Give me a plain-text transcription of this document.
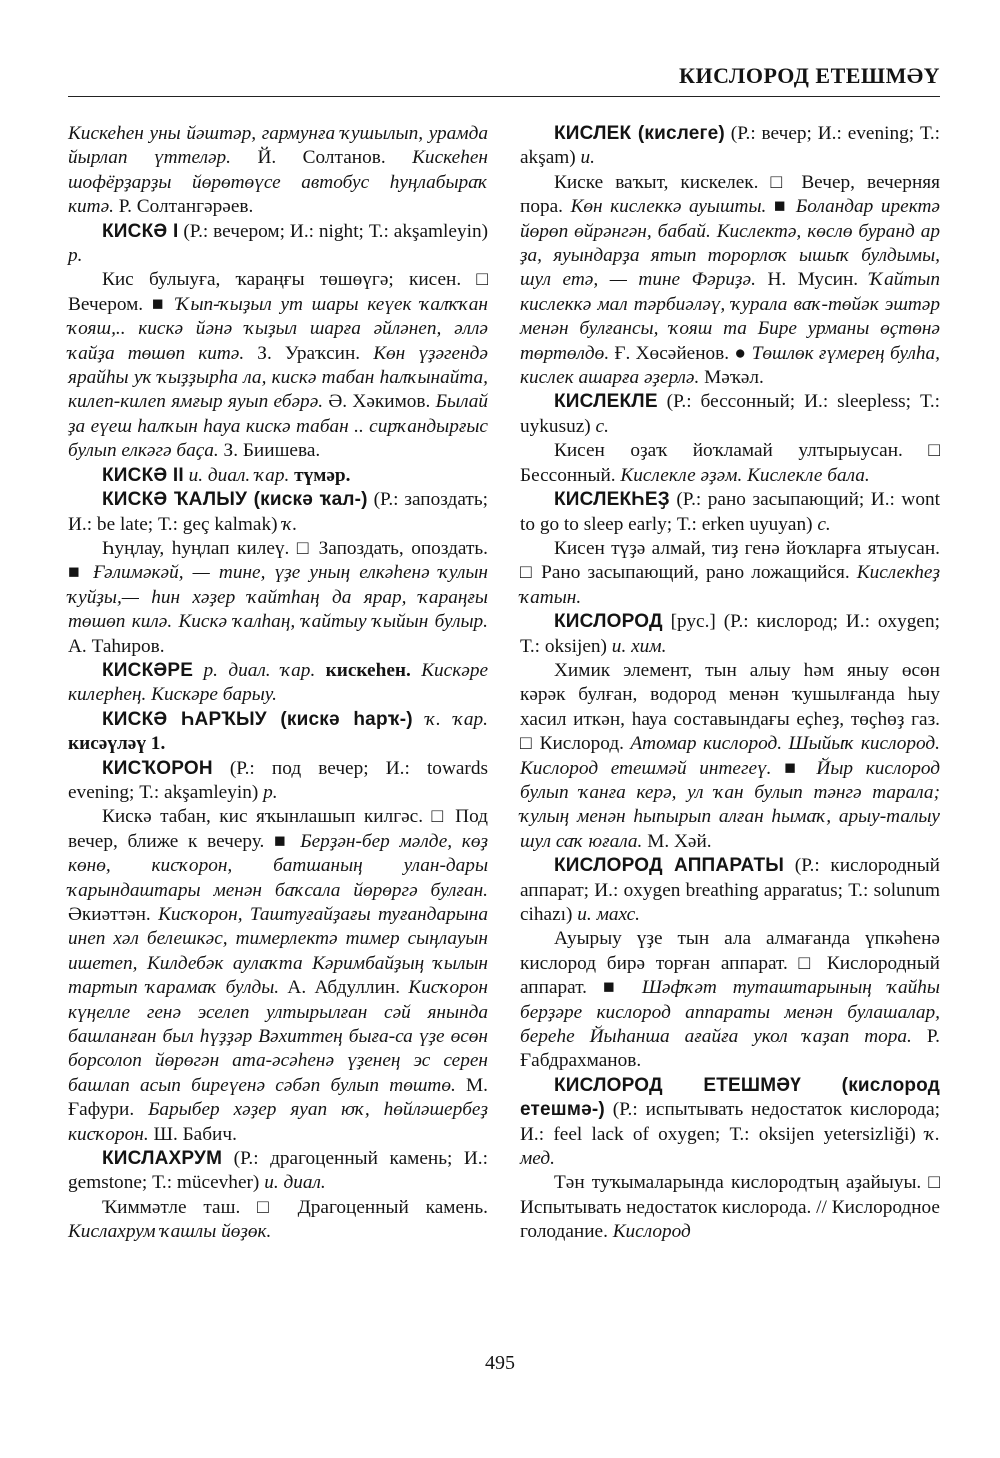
КИСЛОРОД ЕТЕШМӘҮ

Кискеһен уны йәштәр, гармунға ҡушылып, урамда йырлап үттеләр. Й. Солтанов. Кискеһен шофёрҙарҙы йөрөтөүсе автобус һуңлабыраҡ китә. Р. Солтангәрәев.

КИСКӘ I (Р.: вечером; И.: night; Т.: akşamleyin) р.

Кис булыуға, ҡараңғы төшөүгә; кисен. □ Вечером. ■ Ҡып-ҡыҙыл ут шары кеүек ҡалҡҡан ҡояш,.. кискә йәнә ҡыҙыл шарға әйләнеп, әллә ҡайҙа төшөп китә. З. Ураҡсин. Көн үҙәгендә ярайһы уҡ ҡыҙҙырһа ла, кискә табан һалҡынайта, килеп-килеп ямғыр яуып ебәрә. Ә. Хәкимов. Былай ҙа еүеш һалҡын һауа кискә табан .. сирҡандырғыс булып елкәгә баҫа. З. Биишева.

КИСКӘ II и. диал. ҡар. түмәр.

КИСКӘ ҠАЛЫУ (кискә ҡал-) (Р.: запоздать; И.: be late; Т.: geç kalmak) ҡ.

Һуңлау, һуңлап килеү. □ Запоздать, опоздать. ■ Ғәлимәкәй, — тине, үҙе уның елкәһенә ҡулын ҡуйҙы,— һин хәҙер ҡайтһаң да ярар, ҡараңғы төшөп килә. Кискә ҡалһаң, ҡайтыу ҡыйын булыр. А. Таһиров.

КИСКӘРЕ р. диал. ҡар. кискеһен. Кискәре килерһең. Кискәре барыу.

КИСКӘ ҺАРҠЫУ (кискә һарҡ-) ҡ. ҡар. кисәүләү 1.

КИСҠОРОН (Р.: под вечер; И.: towards evening; Т.: akşamleyin) р.

Кискә табан, кис яҡынлашып килгәс. □ Под вечер, ближе к вечеру. ■ Берҙән-бер мәлде, көҙ көнө, кисҡорон, батшаның улан-дары ҡарындаштары менән баҡсала йөрөргә булған. Әкиәттән. Кисҡорон, Таштуғайҙағы туғандарына инеп хәл белешкәс, тимерлектә тимер сыңлауын ишетеп, Килдебәк аулаҡта Кәримбайҙың ҡылын тартып ҡарамаҡ булды. А. Абдуллин. Кисҡорон күңелле генә эселеп ултырылған сәй янында башланған был һүҙҙәр Вәхиттең быға-са үҙе өсөн борсолоп йөрөгән ата-әсәһенә үҙенең эс серен башлап асып биреүенә сәбәп булып төштө. М. Ғафури. Барыбер хәҙер яуап юҡ, һөйләшербеҙ кисҡорон. Ш. Бабич.

КИСЛАХРУМ (Р.: драгоценный камень; И.: gemstone; Т.: mücevher) и. диал.

Ҡиммәтле таш. □ Драгоценный камень. Кислахрум ҡашлы йөҙөк.

КИСЛЕК (кислеге) (Р.: вечер; И.: evening; Т.: akşam) и.

Киске ваҡыт, кискелек. □ Вечер, вечерняя пора. Көн кислеккә ауышты. ■ Боландар иректә йөрөп өйрәнгән, бабай. Кислектә, көслө буранд ар ҙа, яуындарҙа ятып торорлоҡ ышыҡ булдымы, шул етә, — тине Фәриҙә. Н. Мусин. Ҡайтып кислеккә мал тәрбиәләү, ҡурала ваҡ-төйәк эштәр менән булғансы, ҡояш та Бире урманы өҫтөнә төртөлдө. Ғ. Хөсәйенов. ● Төшлөк ғүмерең булһа, кислек ашарға әҙерлә. Мәҡәл.

КИСЛЕКЛЕ (Р.: бессонный; И.: sleepless; Т.: uykusuz) с.

Кисен оҙаҡ йоҡламай ултырыусан. □ Бессонный. Кислекле әҙәм. Кислекле бала.

КИСЛЕКҺЕҘ (Р.: рано засыпающий; И.: wont to go to sleep early; Т.: erken uyuyan) с.

Кисен түҙә алмай, тиҙ генә йоҡларға ятыусан. □ Рано засыпающий, рано ложащийся. Кислекһеҙ ҡатын.

КИСЛОРОД [рус.] (Р.: кислород; И.: oxygen; Т.: oksijen) и. хим.

Химик элемент, тын алыу һәм яныу өсөн кәрәк булған, водород менән ҡушылғанда һыу хасил иткән, һауа составындағы еҫһеҙ, төҫһөҙ газ. □ Кислород. Атомар кислород. Шыйыҡ кислород. Кислород етешмәй интегеү. ■ Йыр кислород булып ҡанға керә, ул ҡан булып тәнгә тарала; ҡулың менән һыпырып алған һымаҡ, арыу-талыу шул саҡ юғала. М. Хәй.

КИСЛОРОД АППАРАТЫ (Р.: кислородный аппарат; И.: oxygen breathing apparatus; Т.: solunum cihazı) и. махс.

Ауырыу үҙе тын ала алмағанда үпкәһенә кислород бирә торған аппарат. □ Кислородный аппарат. ■ Шәфҡәт туташтарының ҡайһы берҙәре кислород аппараты менән булашалар, береһе Йыһанша ағайға укол ҡаҙап тора. Р. Ғабдрахманов.

КИСЛОРОД ЕТЕШМӘҮ (кислород етешмә-) (Р.: испытывать недостаток кислорода; И.: feel lack of oxygen; Т.: oksijen yetersizliği) ҡ. мед.

Тән туҡымаларында кислородтың аҙайыуы. □ Испытывать недостаток кислорода. // Кислородное голодание. Кислород

495
